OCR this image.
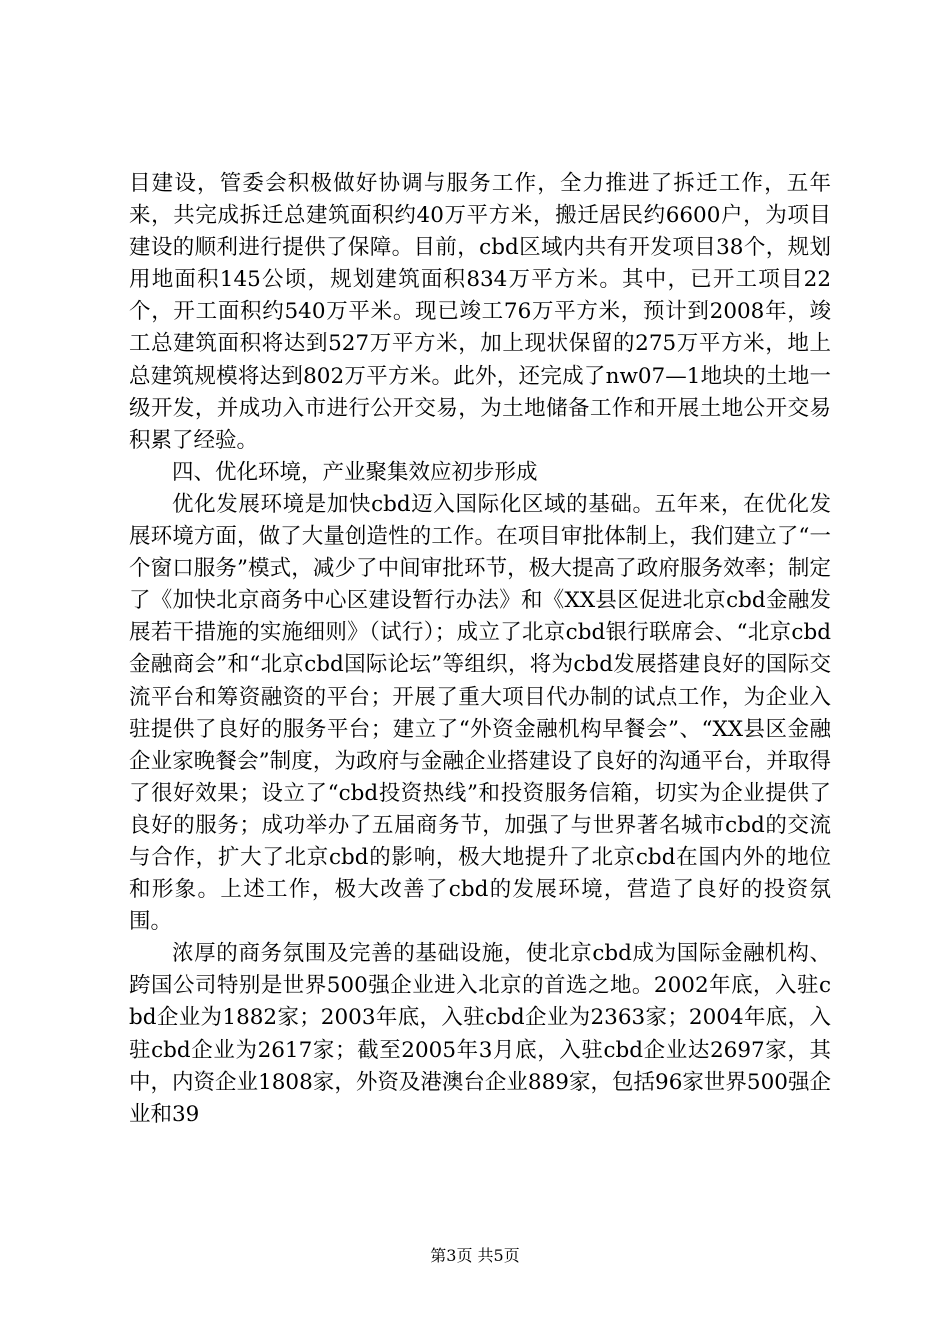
目建设，管委会积极做好协调与服务工作，全力推进了拆迁工作，五年来，共完成拆迁总建筑面积约40万平方米，搬迁居民约6600户，为项目建设的顺利进行提供了保障。目前，cbd区域内共有开发项目38个，规划用地面积145公顷，规划建筑面积834万平方米。其中，已开工项目22个，开工面积约540万平米。现已竣工76万平方米，预计到2008年，竣工总建筑面积将达到527万平方米，加上现状保留的275万平方米，地上总建筑规模将达到802万平方米。此外，还完成了nw07—1地块的土地一级开发，并成功入市进行公开交易，为土地储备工作和开展土地公开交易积累了经验。

四、优化环境，产业聚集效应初步形成

优化发展环境是加快cbd迈入国际化区域的基础。五年来，在优化发展环境方面，做了大量创造性的工作。在项目审批体制上，我们建立了“一个窗口服务”模式，减少了中间审批环节，极大提高了政府服务效率；制定了《加快北京商务中心区建设暂行办法》和《XX县区促进北京cbd金融发展若干措施的实施细则》（试行）；成立了北京cbd银行联席会、“北京cbd金融商会”和“北京cbd国际论坛”等组织，将为cbd发展搭建良好的国际交流平台和筹资融资的平台；开展了重大项目代办制的试点工作，为企业入驻提供了良好的服务平台；建立了“外资金融机构早餐会”、“XX县区金融企业家晚餐会”制度，为政府与金融企业搭建设了良好的沟通平台，并取得了很好效果；设立了“cbd投资热线”和投资服务信箱，切实为企业提供了良好的服务；成功举办了五届商务节，加强了与世界著名城市cbd的交流与合作，扩大了北京cbd的影响，极大地提升了北京cbd在国内外的地位和形象。上述工作，极大改善了cbd的发展环境，营造了良好的投资氛围。

浓厚的商务氛围及完善的基础设施，使北京cbd成为国际金融机构、跨国公司特别是世界500强企业进入北京的首选之地。2002年底，入驻cbd企业为1882家；2003年底，入驻cbd企业为2363家；2004年底，入驻cbd企业为2617家；截至2005年3月底，入驻cbd企业达2697家，其中，内资企业1808家，外资及港澳台企业889家，包括96家世界500强企业和39

第3页 共5页
